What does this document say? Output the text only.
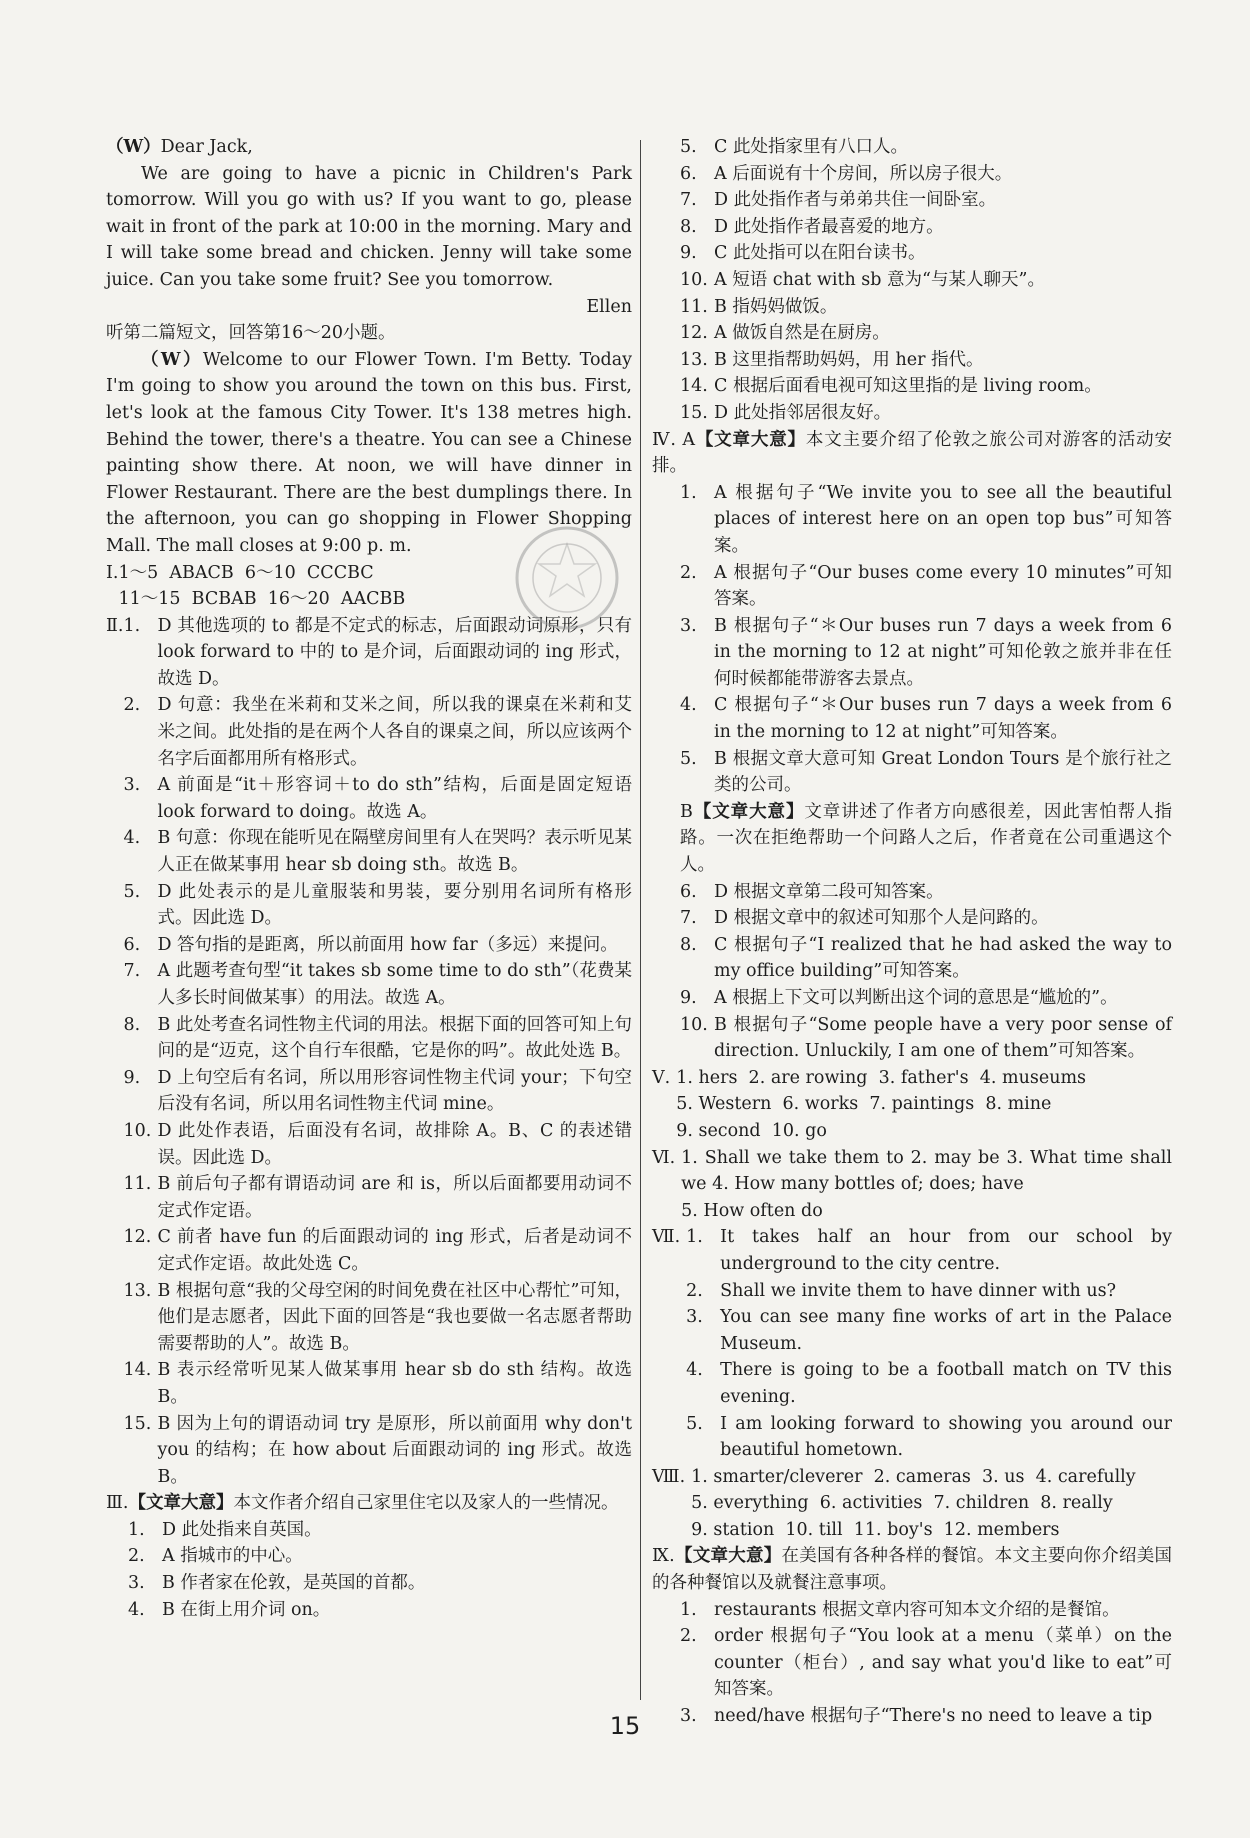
（W）Dear Jack,
We are going to have a picnic in Children's Park tomorrow. Will you go with us? If you want to go, please wait in front of the park at 10:00 in the morning. Mary and I will take some bread and chicken. Jenny will take some juice. Can you take some fruit? See you tomorrow.
Ellen
听第二篇短文，回答第16～20小题。
（W）Welcome to our Flower Town. I'm Betty. Today I'm going to show you around the town on this bus. First, let's look at the famous City Tower. It's 138 metres high. Behind the tower, there's a theatre. You can see a Chinese painting show there. At noon, we will have dinner in Flower Restaurant. There are the best dumplings there. In the afternoon, you can go shopping in Flower Shopping Mall. The mall closes at 9:00 p. m.
Ⅰ. 1～5  ABACB  6～10  CCCBC
11～15  BCBAB  16～20  AACBB
Ⅱ. 1. D 其他选项的 to 都是不定式的标志，后面跟动词原形，只有 look forward to 中的 to 是介词，后面跟动词的 ing 形式，故选 D。
2. D 句意：我坐在米莉和艾米之间，所以我的课桌在米莉和艾米之间。此处指的是在两个人各自的课桌之间，所以应该两个名字后面都用所有格形式。
3. A 前面是“it＋形容词＋to do sth”结构，后面是固定短语 look forward to doing。故选 A。
4. B 句意：你现在能听见在隔壁房间里有人在哭吗？表示听见某人正在做某事用 hear sb doing sth。故选 B。
5. D 此处表示的是儿童服装和男装，要分别用名词所有格形式。因此选 D。
6. D 答句指的是距离，所以前面用 how far（多远）来提问。
7. A 此题考查句型“it takes sb some time to do sth”（花费某人多长时间做某事）的用法。故选 A。
8. B 此处考查名词性物主代词的用法。根据下面的回答可知上句问的是“迈克，这个自行车很酷，它是你的吗”。故此处选 B。
9. D 上句空后有名词，所以用形容词性物主代词 your；下句空后没有名词，所以用名词性物主代词 mine。
10. D 此处作表语，后面没有名词，故排除 A。B、C 的表述错误。因此选 D。
11. B 前后句子都有谓语动词 are 和 is，所以后面都要用动词不定式作定语。
12. C 前者 have fun 的后面跟动词的 ing 形式，后者是动词不定式作定语。故此处选 C。
13. B 根据句意“我的父母空闲的时间免费在社区中心帮忙”可知，他们是志愿者，因此下面的回答是“我也要做一名志愿者帮助需要帮助的人”。故选 B。
14. B 表示经常听见某人做某事用 hear sb do sth 结构。故选 B。
15. B 因为上句的谓语动词 try 是原形，所以前面用 why don't you 的结构；在 how about 后面跟动词的 ing 形式。故选 B。
Ⅲ.【文章大意】本文作者介绍自己家里住宅以及家人的一些情况。
1. D 此处指来自英国。
2. A 指城市的中心。
3. B 作者家在伦敦，是英国的首都。
4. B 在街上用介词 on。
5. C 此处指家里有八口人。
6. A 后面说有十个房间，所以房子很大。
7. D 此处指作者与弟弟共住一间卧室。
8. D 此处指作者最喜爱的地方。
9. C 此处指可以在阳台读书。
10. A 短语 chat with sb 意为“与某人聊天”。
11. B 指妈妈做饭。
12. A 做饭自然是在厨房。
13. B 这里指帮助妈妈，用 her 指代。
14. C 根据后面看电视可知这里指的是 living room。
15. D 此处指邻居很友好。
Ⅳ. A【文章大意】本文主要介绍了伦敦之旅公司对游客的活动安排。
1. A 根据句子“We invite you to see all the beautiful places of interest here on an open top bus”可知答案。
2. A 根据句子“Our buses come every 10 minutes”可知答案。
3. B 根据句子“＊Our buses run 7 days a week from 6 in the morning to 12 at night”可知伦敦之旅并非在任何时候都能带游客去景点。
4. C 根据句子“＊Our buses run 7 days a week from 6 in the morning to 12 at night”可知答案。
5. B 根据文章大意可知 Great London Tours 是个旅行社之类的公司。
B【文章大意】文章讲述了作者方向感很差，因此害怕帮人指路。一次在拒绝帮助一个问路人之后，作者竟在公司重遇这个人。
6. D 根据文章第二段可知答案。
7. D 根据文章中的叙述可知那个人是问路的。
8. C 根据句子“I realized that he had asked the way to my office building”可知答案。
9. A 根据上下文可以判断出这个词的意思是“尴尬的”。
10. B 根据句子“Some people have a very poor sense of direction. Unluckily, I am one of them”可知答案。
Ⅴ. 1. hers  2. are rowing  3. father's  4. museums
5. Western  6. works  7. paintings  8. mine
9. second  10. go
Ⅵ. 1. Shall we take them to 2. may be 3. What time shall we 4. How many bottles of; does; have
5. How often do
Ⅶ. 1. It takes half an hour from our school by underground to the city centre.
2. Shall we invite them to have dinner with us?
3. You can see many fine works of art in the Palace Museum.
4. There is going to be a football match on TV this evening.
5. I am looking forward to showing you around our beautiful hometown.
Ⅷ. 1. smarter/cleverer  2. cameras  3. us  4. carefully
5. everything  6. activities  7. children  8. really
9. station  10. till  11. boy's  12. members
Ⅸ.【文章大意】在美国有各种各样的餐馆。本文主要向你介绍美国的各种餐馆以及就餐注意事项。
1. restaurants 根据文章内容可知本文介绍的是餐馆。
2. order 根据句子“You look at a menu（菜单）on the counter（柜台）, and say what you'd like to eat”可知答案。
3. need/have 根据句子“There's no need to leave a tip
15
